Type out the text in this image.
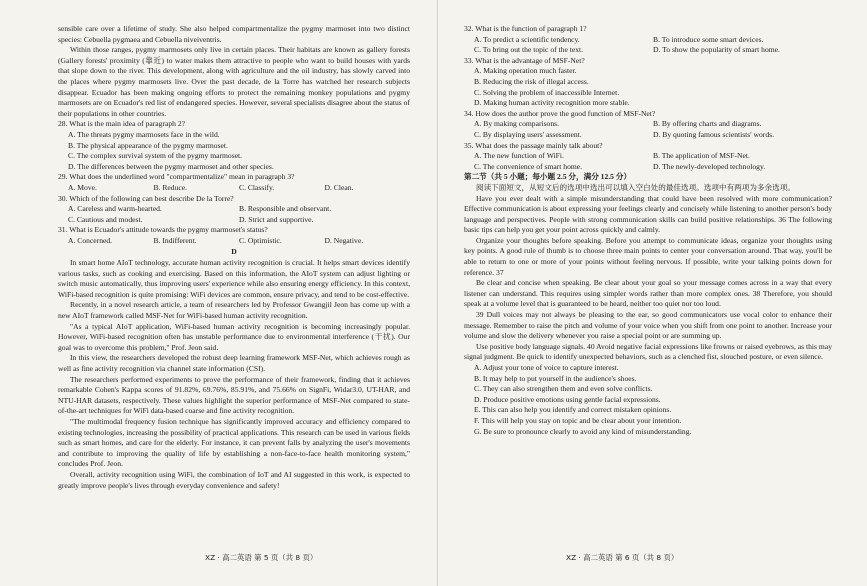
sensible care over a lifetime of study. She also helped compartmentalize the pygmy marmoset into two distinct species: Cebuella pygmaea and Cebuella niveiventris.

Within those ranges, pygmy marmosets only live in certain places. Their habitats are known as gallery forests (Gallery forests' proximity (靠近) to water makes them attractive to people who want to build houses with yards that slope down to the river. This development, along with agriculture and the oil industry, has slowly carved into the places where pygmy marmosets live. Over the past decade, de la Torre has watched her research subjects disappear. Ecuador has been making ongoing efforts to protect the remaining monkey populations and pygmy marmosets are on Ecuador's red list of endangered species. However, several specialists disagree about the status of their populations in other countries.

28. What is the main idea of paragraph 2?

A. The threats pygmy marmosets face in the wild.

B. The physical appearance of the pygmy marmoset.

C. The complex survival system of the pygmy marmoset.

D. The differences between the pygmy marmoset and other species.

29. What does the underlined word "compartmentalize" mean in paragraph 3?

A. Move.	B. Reduce.	C. Classify.	D. Clean.

30. Which of the following can best describe De la Torre?

A. Careless and warm-hearted.	B. Responsible and observant.
C. Cautious and modest.	D. Strict and supportive.

31. What is Ecuador's attitude towards the pygmy marmoset's status?

A. Concerned.	B. Indifferent.	C. Optimistic.	D. Negative.

D

In smart home AIoT technology, accurate human activity recognition is crucial. It helps smart devices identify various tasks, such as cooking and exercising. Based on this information, the AIoT system can adjust lighting or switch music automatically, thus improving users' experience while also ensuring energy efficiency. In this context, WiFi-based recognition is quite promising: WiFi devices are common, ensure privacy, and tend to be cost-effective.

Recently, in a novel research article, a team of researchers led by Professor Gwangjil Jeon has come up with a new AIoT framework called MSF-Net for WiFi-based human activity recognition.

"As a typical AIoT application, WiFi-based human activity recognition is becoming increasingly popular. However, WiFi-based recognition often has unstable performance due to environmental interference (干扰). Our goal was to overcome this problem," Prof. Jeon said.

In this view, the researchers developed the robust deep learning framework MSF-Net, which achieves rough as well as fine activity recognition via channel state information (CSI).

The researchers performed experiments to prove the performance of their framework, finding that it achieves remarkable Cohen's Kappa scores of 91.82%, 69.76%, 85.91%, and 75.66% on SignFi, Widar3.0, UT-HAR, and NTU-HAR datasets, respectively. These values highlight the superior performance of MSF-Net compared to state-of-the-art techniques for WiFi data-based coarse and fine activity recognition.

"The multimodal frequency fusion technique has significantly improved accuracy and efficiency compared to existing technologies, increasing the possibility of practical applications. This research can be used in various fields such as smart homes, and care for the elderly. For instance, it can prevent falls by analyzing the user's movements and contribute to improving the quality of life by establishing a non-face-to-face health monitoring system," concludes Prof. Jeon.

Overall, activity recognition using WiFi, the combination of IoT and AI suggested in this work, is expected to greatly improve people's lives through everyday convenience and safety!

32. What is the function of paragraph 1?

A. To predict a scientific tendency.	B. To introduce some smart devices.
C. To bring out the topic of the text.	D. To show the popularity of smart home.

33. What is the advantage of MSF-Net?

A. Making operation much faster.

B. Reducing the risk of illegal access.

C. Solving the problem of inaccessible Internet.

D. Making human activity recognition more stable.

34. How does the author prove the good function of MSF-Net?

A. By making comparisons.	B. By offering charts and diagrams.
C. By displaying users' assessment.	D. By quoting famous scientists' words.

35. What does the passage mainly talk about?

A. The new function of WiFi.	B. The application of MSF-Net.
C. The convenience of smart home.	D. The newly-developed technology.

第二节（共 5 小题；每小题 2.5 分，满分 12.5 分）

阅读下面短文，从短文后的选项中选出可以填入空白处的最佳选项。选项中有两项为多余选项。

Have you ever dealt with a simple misunderstanding that could have been resolved with more communication? Effective communication is about expressing your feelings clearly and concisely while listening to another person's body language and perspectives. People with strong communication skills can build positive relationships. 36 The following basic tips can help you get your point across quickly and calmly.

Organize your thoughts before speaking. Before you attempt to communicate ideas, organize your thoughts using key points. A good rule of thumb is to choose three main points to center your conversation around. That way, you'll be able to return to one or more of your points without feeling nervous. If possible, write your talking points down for reference. 37

Be clear and concise when speaking. Be clear about your goal so your message comes across in a way that every listener can understand. This requires using simpler words rather than more complex ones. 38 Therefore, you should speak at a volume level that is guaranteed to be heard, neither too quiet nor too loud.

39 Dull voices may not always be pleasing to the ear, so good communicators use vocal color to enhance their message. Remember to raise the pitch and volume of your voice when you shift from one point to another. Increase your volume and slow the delivery whenever you raise a special point or are summing up.

Use positive body language signals. 40 Avoid negative facial expressions like frowns or raised eyebrows, as this may signal judgment. Be quick to identify unexpected behaviors, such as a clenched fist, slouched posture, or even silence.

A. Adjust your tone of voice to capture interest.

B. It may help to put yourself in the audience's shoes.

C. They can also strengthen them and even solve conflicts.

D. Produce positive emotions using gentle facial expressions.

E. This can also help you identify and correct mistaken opinions.

F. This will help you stay on topic and be clear about your intention.

G. Be sure to pronounce clearly to avoid any kind of misunderstanding.

XZ · 高二英语 第 5 页（共 8 页）	XZ · 高二英语 第 6 页（共 8 页）
